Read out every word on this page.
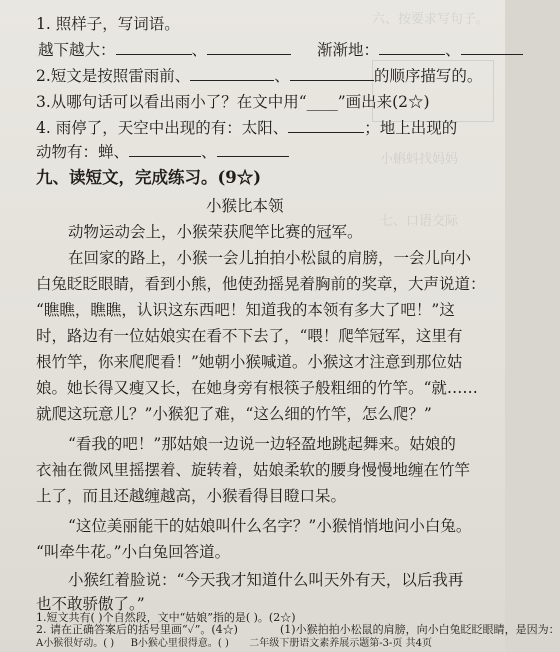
六、按要求写句子。
小蝌蚪找妈妈
七、口语交际
1. 照样子，写词语。
越下越大：	、	渐渐地：	、
2.短文是按照雷雨前、	、	的顺序描写的。
3.从哪句话可以看出雨小了？在文中用“____”画出来(2☆)
4. 雨停了，天空中出现的有：太阳、	；地上出现的
动物有：蝉、	、
九、读短文，完成练习。(9☆)
小猴比本领
动物运动会上，小猴荣获爬竿比赛的冠军。
在回家的路上，小猴一会儿拍拍小松鼠的肩膀，一会儿向小
白兔眨眨眼睛，看到小熊，他使劲摇晃着胸前的奖章，大声说道：
“瞧瞧，瞧瞧，认识这东西吧！知道我的本领有多大了吧！”这
时，路边有一位姑娘实在看不下去了，“喂！爬竿冠军，这里有
根竹竿，你来爬爬看！”她朝小猴喊道。小猴这才注意到那位姑
娘。她长得又瘦又长，在她身旁有根筷子般粗细的竹竿。“就……
就爬这玩意儿？”小猴犯了难，“这么细的竹竿，怎么爬？”
“看我的吧！”那姑娘一边说一边轻盈地跳起舞来。姑娘的
衣袖在微风里摇摆着、旋转着，姑娘柔软的腰身慢慢地缠在竹竿
上了，而且还越缠越高，小猴看得目瞪口呆。
“这位美丽能干的姑娘叫什么名字？”小猴悄悄地问小白兔。
“叫牵牛花。”小白兔回答道。
小猴红着脸说：“今天我才知道什么叫天外有天，以后我再
也不敢骄傲了。”
1.短文共有( )个自然段，文中“姑娘”指的是( )。(2☆)
2. 请在正确答案后的括号里画“✓”。(4☆)	(1)小猴拍拍小松鼠的肩膀，向小白兔眨眨眼睛，是因为：
A小猴很好动。( ) B小猴心里很得意。( ) 二年级下册语文素养展示题第-3-页 共4页
